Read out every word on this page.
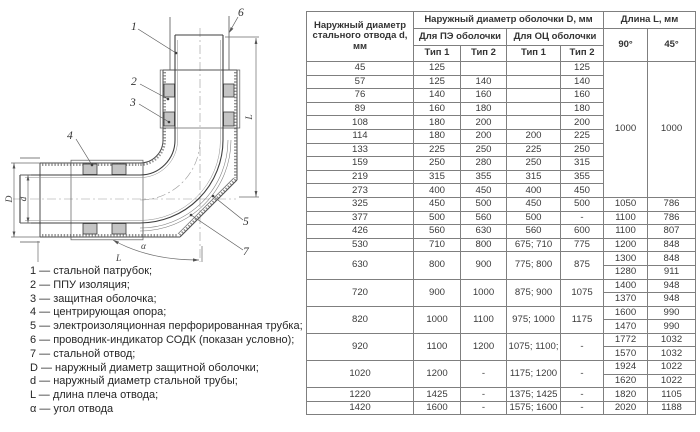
1
2
3
4
5
6
7
D d
L
L
α
1 — стальной патрубок;
2 — ППУ изоляция;
3 — защитная оболочка;
4 — центрирующая опора;
5 — электроизоляционная перфорированная трубка;
6 — проводник-индикатор СОДК (показан условно);
7 — стальной отвод;
D — наружный диаметр защитной оболочки;
d — наружный диаметр стальной трубы;
L — длина плеча отвода;
α — угол отвода
Наружный диаметр стального отвода d, мм	Наружный диаметр оболочки D, мм				Длина L, мм	
	Для ПЭ оболочки		Для ОЦ оболочки		90°	45°
	Тип 1	Тип 2	Тип 1	Тип 2		
45	125			125	1000	1000
57	125	140		140		
76	140	160		160		
89	160	180		180		
108	180	200		200		
114	180	200	200	225		
133	225	250	225	250		
159	250	280	250	315		
219	315	355	315	355		
273	400	450	400	450		
325	450	500	450	500	1050	786
377	500	560	500	-	1100	786
426	560	630	560	600	1100	807
530	710	800	675; 710	775	1200	848
630	800	900	775; 800	875	1300	848
					1280	911
720	900	1000	875; 900	1075	1400	948
					1370	948
820	1000	1100	975; 1000	1175	1600	990
					1470	990
920	1100	1200	1075; 1100;	-	1772	1032
					1570	1032
1020	1200	-	1175; 1200	-	1924	1022
					1620	1022
1220	1425	-	1375; 1425	-	1820	1105
1420	1600	-	1575; 1600	-	2020	1188
